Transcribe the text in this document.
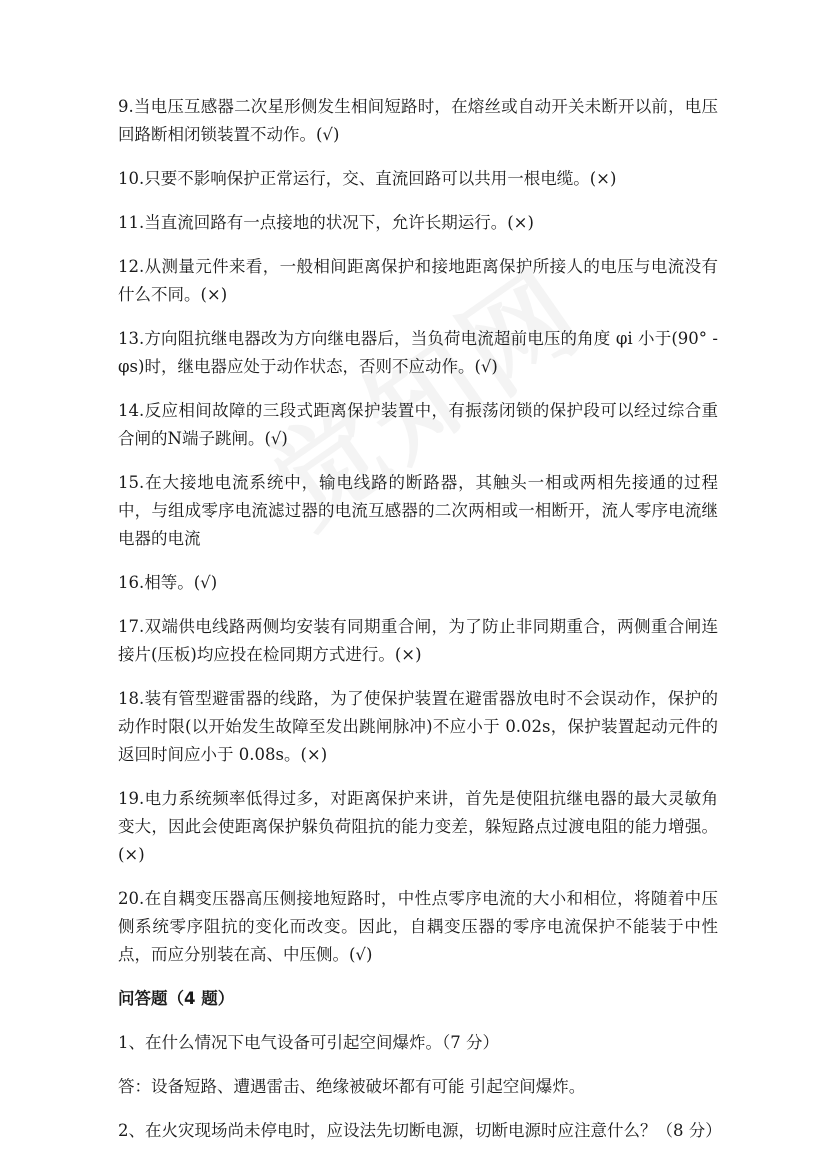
9.当电压互感器二次星形侧发生相间短路时，在熔丝或自动开关未断开以前，电压回路断相闭锁装置不动作。(√)

10.只要不影响保护正常运行，交、直流回路可以共用一根电缆。(×)

11.当直流回路有一点接地的状况下，允许长期运行。(×)

12.从测量元件来看，一般相间距离保护和接地距离保护所接人的电压与电流没有什么不同。(×)

13.方向阻抗继电器改为方向继电器后，当负荷电流超前电压的角度 φi 小于(90° - φs)时，继电器应处于动作状态，否则不应动作。(√)

14.反应相间故障的三段式距离保护装置中，有振荡闭锁的保护段可以经过综合重合闸的N端子跳闸。(√)

15.在大接地电流系统中，输电线路的断路器，其触头一相或两相先接通的过程中，与组成零序电流滤过器的电流互感器的二次两相或一相断开，流人零序电流继电器的电流

16.相等。(√)

17.双端供电线路两侧均安装有同期重合闸，为了防止非同期重合，两侧重合闸连接片(压板)均应投在检同期方式进行。(×)

18.装有管型避雷器的线路，为了使保护装置在避雷器放电时不会误动作，保护的动作时限(以开始发生故障至发出跳闸脉冲)不应小于 0.02s，保护装置起动元件的返回时间应小于 0.08s。(×)

19.电力系统频率低得过多，对距离保护来讲，首先是使阻抗继电器的最大灵敏角变大，因此会使距离保护躲负荷阻抗的能力变差，躲短路点过渡电阻的能力增强。(×)

20.在自耦变压器高压侧接地短路时，中性点零序电流的大小和相位，将随着中压侧系统零序阻抗的变化而改变。因此，自耦变压器的零序电流保护不能装于中性点，而应分别装在高、中压侧。(√)

问答题（4 题）

1、在什么情况下电气设备可引起空间爆炸。（7 分）

答：设备短路、遭遇雷击、绝缘被破坏都有可能 引起空间爆炸。

2、在火灾现场尚未停电时，应设法先切断电源，切断电源时应注意什么？（8 分）
